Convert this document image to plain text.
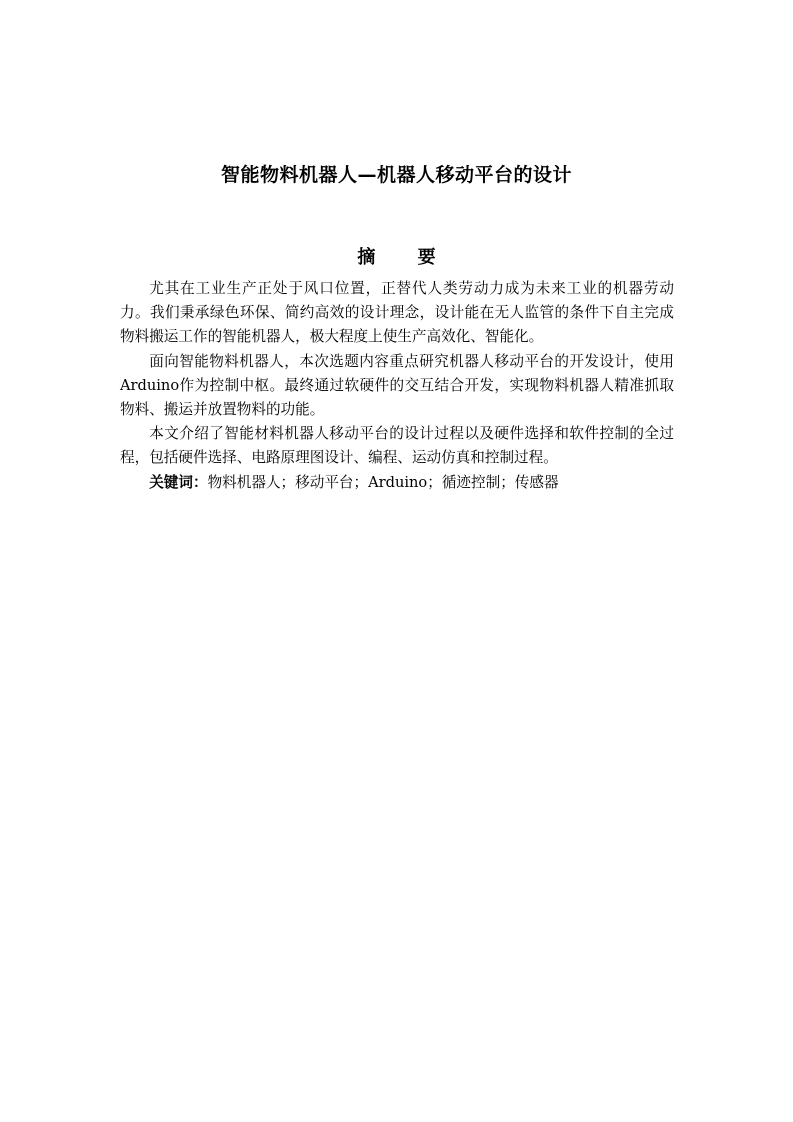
智能物料机器人—机器人移动平台的设计
摘 要

尤其在工业生产正处于风口位置，正替代人类劳动力成为未来工业的机器劳动力。我们秉承绿色环保、简约高效的设计理念，设计能在无人监管的条件下自主完成物料搬运工作的智能机器人，极大程度上使生产高效化、智能化。

面向智能物料机器人，本次选题内容重点研究机器人移动平台的开发设计，使用Arduino作为控制中枢。最终通过软硬件的交互结合开发，实现物料机器人精准抓取物料、搬运并放置物料的功能。

本文介绍了智能材料机器人移动平台的设计过程以及硬件选择和软件控制的全过程，包括硬件选择、电路原理图设计、编程、运动仿真和控制过程。

关键词：物料机器人；移动平台；Arduino；循迹控制；传感器
